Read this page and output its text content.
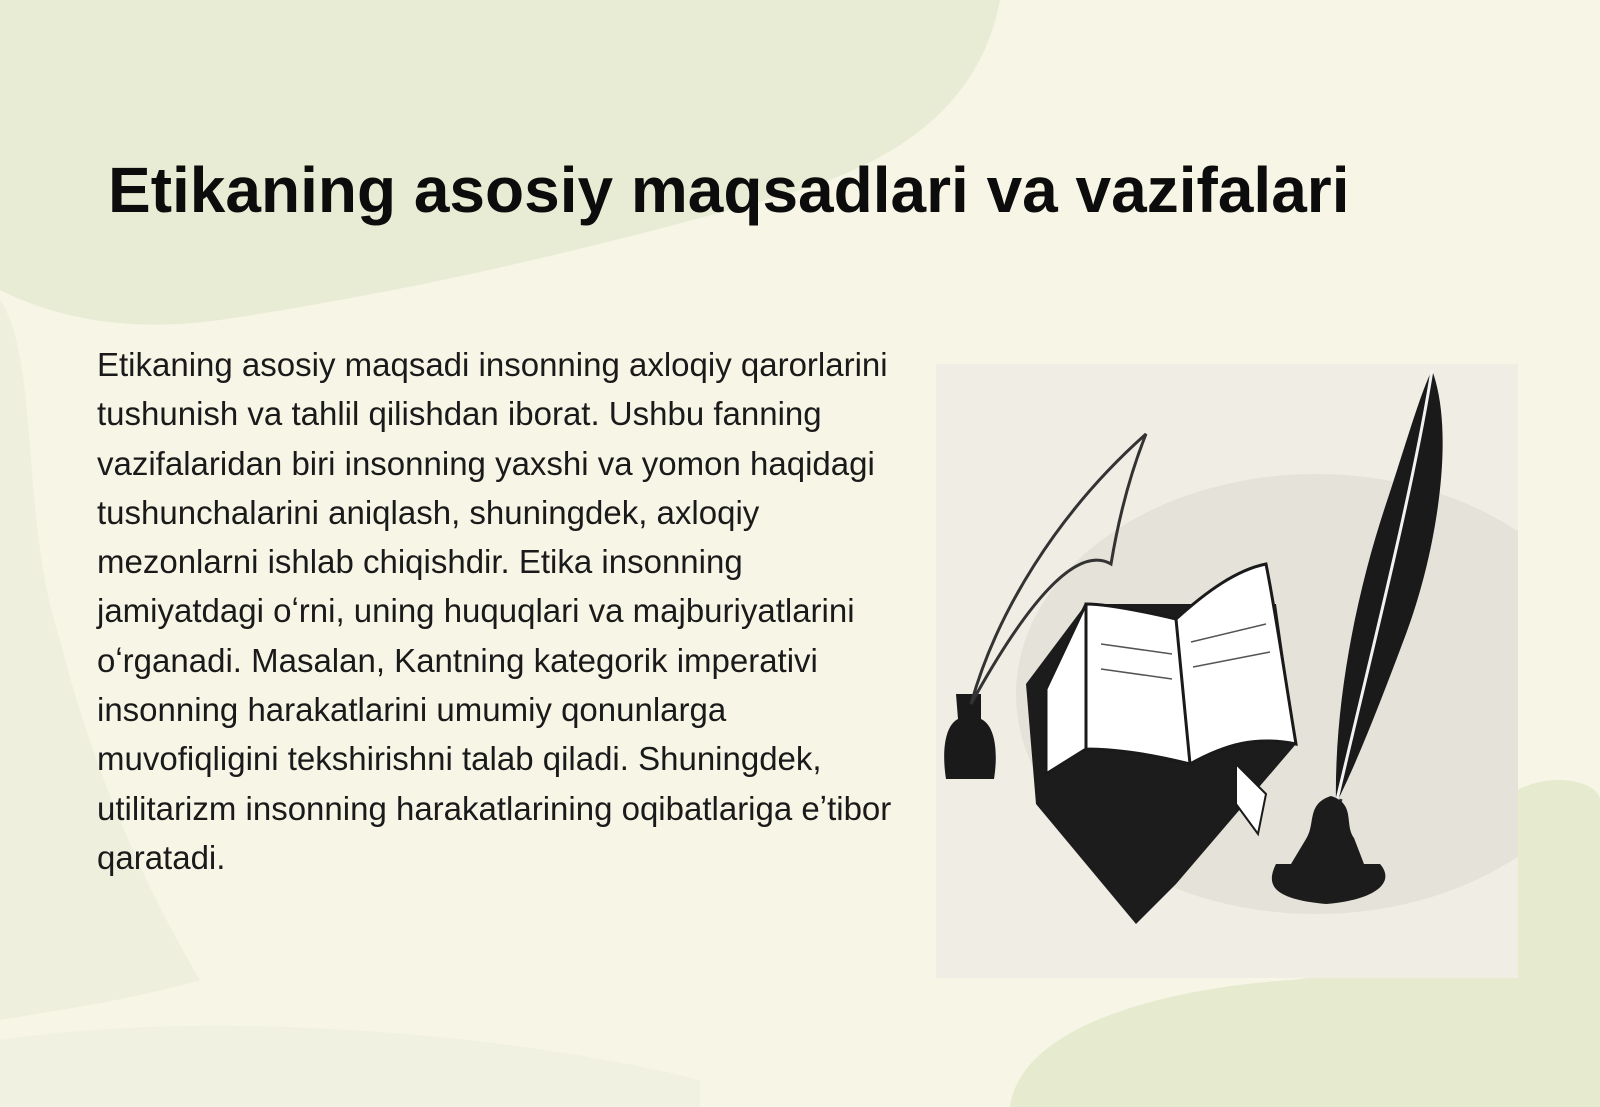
Etikaning asosiy maqsadlari va vazifalari

Etikaning asosiy maqsadi insonning axloqiy qarorlarini tushunish va tahlil qilishdan iborat. Ushbu fanning vazifalaridan biri insonning yaxshi va yomon haqidagi tushunchalarini aniqlash, shuningdek, axloqiy mezonlarni ishlab chiqishdir. Etika insonning jamiyatdagi oʻrni, uning huquqlari va majburiyatlarini oʻrganadi. Masalan, Kantning kategorik imperativi insonning harakatlarini umumiy qonunlarga muvofiqligini tekshirishni talab qiladi. Shuningdek, utilitarizm insonning harakatlarining oqibatlariga eʼtibor qaratadi.
